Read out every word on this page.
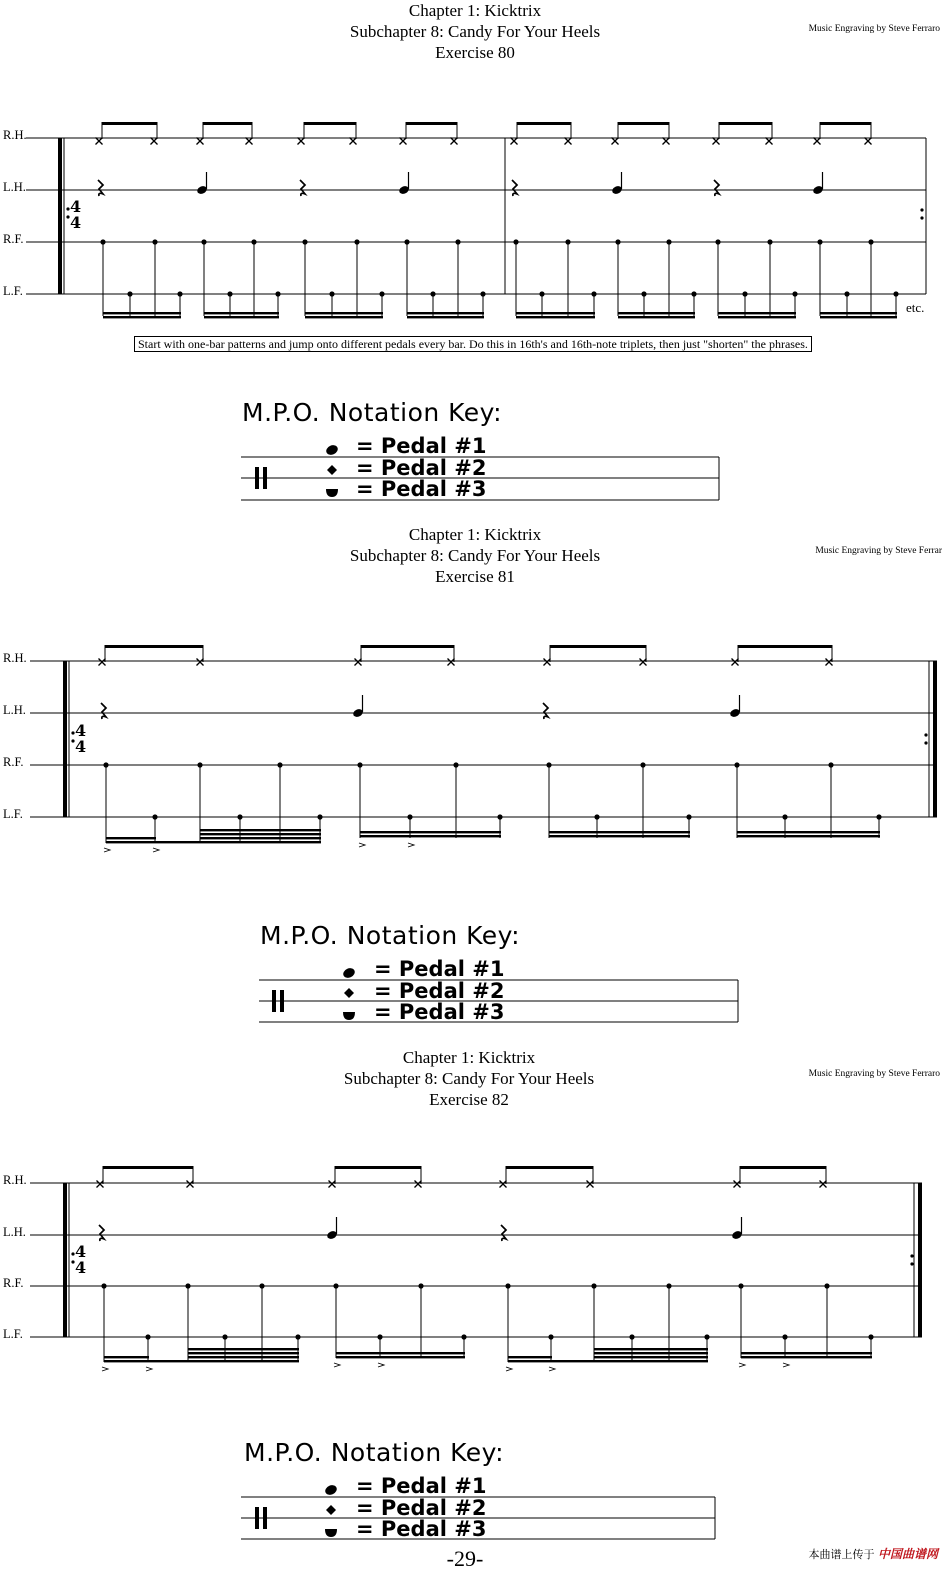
Chapter 1: Kicktrix
Subchapter 8: Candy For Your Heels
Exercise 80
Music Engraving by Steve Ferraro
Chapter 1: Kicktrix
Subchapter 8: Candy For Your Heels
Exercise 81
Music Engraving by Steve Ferrar
Chapter 1: Kicktrix
Subchapter 8: Candy For Your Heels
Exercise 82
Music Engraving by Steve Ferraro
R.H.
L.H.
R.F.
L.F.
4
4
R.H.
L.H.
R.F.
L.F.
4
4
R.H.
L.H.
R.F.
L.F.
4
4
Start with one-bar patterns and jump onto different pedals every bar. Do this in 16th's and 16th-note triplets, then just "shorten" the phrases.
etc.
M.P.O. Notation Key:
= Pedal #1
= Pedal #2
= Pedal #3
M.P.O. Notation Key:
= Pedal #1
= Pedal #2
= Pedal #3
M.P.O. Notation Key:
= Pedal #1
= Pedal #2
= Pedal #3
-29-	本曲谱上传于 中国曲谱网
